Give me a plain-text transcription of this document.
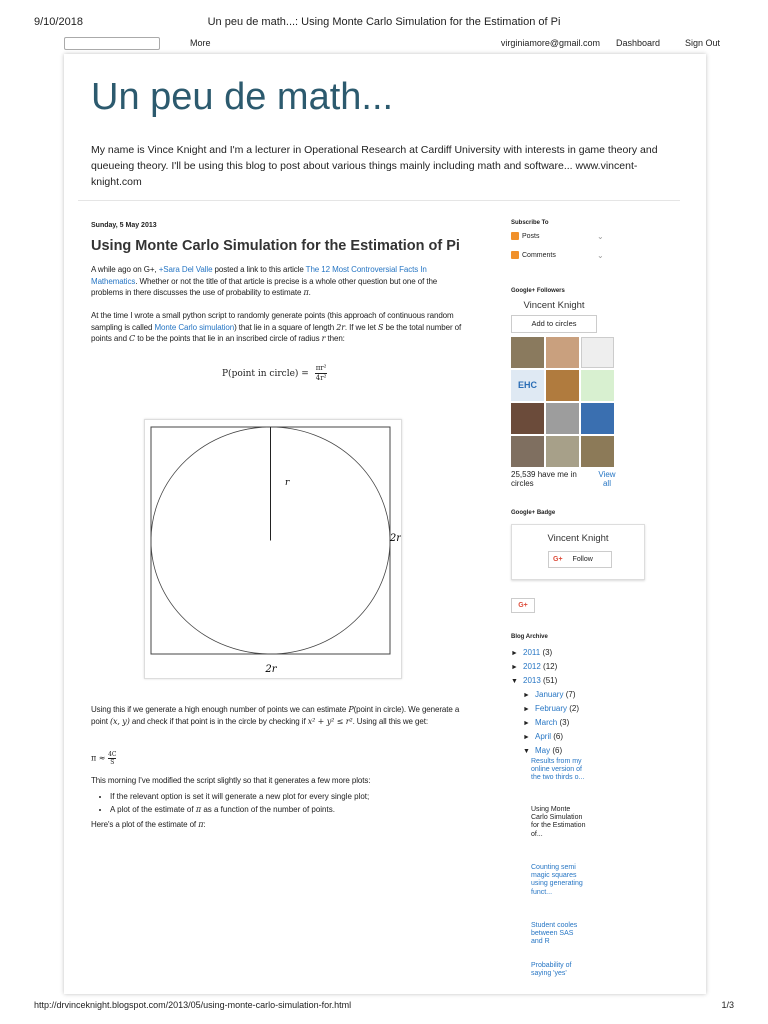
9/10/2018	Un peu de math...: Using Monte Carlo Simulation for the Estimation of Pi
More	virginiamore@gmail.com Dashboard	Sign Out
Un peu de math...

My name is Vince Knight and I'm a lecturer in Operational Research at Cardiff University with interests in game theory and queueing theory. I'll be using this blog to post about various things mainly including math and software... www.vincent-knight.com

Sunday, 5 May 2013
Using Monte Carlo Simulation for the Estimation of Pi

A while ago on G+, +Sara Del Valle posted a link to this article The 12 Most Controversial Facts In Mathematics. Whether or not the title of that article is precise is a whole other question but one of the problems in there discusses the use of probability to estimate π.

At the time I wrote a small python script to randomly generate points (this approach of continuous random sampling is called Monte Carlo simulation) that lie in a square of length 2r. If we let S be the total number of points and C to be the points that lie in an inscribed circle of radius r then:

P(point in circle) = $\frac{\text{πr²}}{\text{4r²}}$
r
2r
2r

Using this if we generate a high enough number of points we can estimate P(point in circle). We generate a point (x, y) and check if that point is in the circle by checking if x² + y² ≤ r². Using all this we get:

$\pi \approx \frac{4C}{S}$

This morning I've modified the script slightly so that it generates a few more plots:

• If the relevant option is set it will generate a new plot for every single plot;
• A plot of the estimate of π as a function of the number of points.

Here's a plot of the estimate of π:

Subscribe To
Posts	⌄
Comments	⌄
Google+ Followers
Vincent Knight
Add to circles
EHC
25,539 have me in circles
View all
Google+ Badge
Vincent Knight
G+ Follow
G+
Blog Archive
► 2011 (3)
► 2012 (12)
▼ 2013 (51)
► January (7)
► February (2)
► March (3)
► April (6)
▼ May (6)
Results from my online version of the two thirds o...
Using Monte Carlo Simulation for the Estimation of...
Counting semi magic squares using generating funct...
Student cooles between SAS and R
Probability of saying 'yes'
http://drvinceknight.blogspot.com/2013/05/using-monte-carlo-simulation-for.html	1/3
